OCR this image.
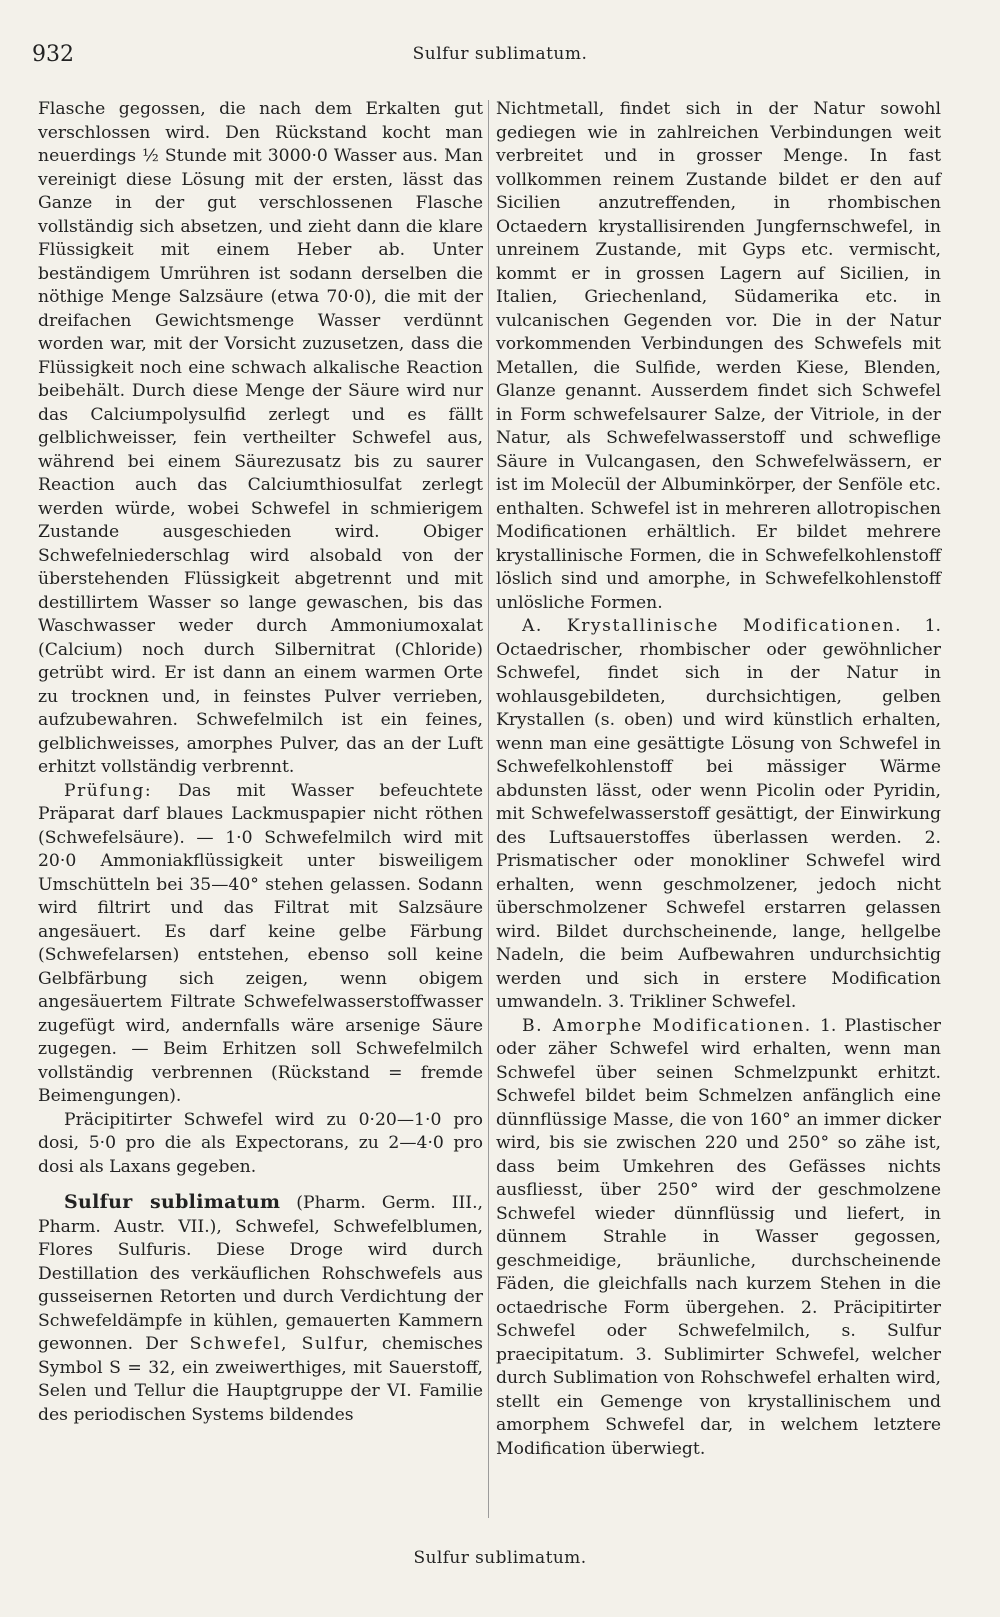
932	Sulfur sublimatum.

Flasche gegossen, die nach dem Erkalten gut verschlossen wird. Den Rückstand kocht man neuerdings ½ Stunde mit 3000·0 Wasser aus. Man vereinigt diese Lösung mit der ersten, lässt das Ganze in der gut verschlossenen Flasche vollständig sich absetzen, und zieht dann die klare Flüssigkeit mit einem Heber ab. Unter beständigem Umrühren ist sodann derselben die nöthige Menge Salzsäure (etwa 70·0), die mit der dreifachen Gewichtsmenge Wasser verdünnt worden war, mit der Vorsicht zuzusetzen, dass die Flüssigkeit noch eine schwach alkalische Reaction beibehält. Durch diese Menge der Säure wird nur das Calciumpolysulfid zerlegt und es fällt gelblichweisser, fein vertheilter Schwefel aus, während bei einem Säurezusatz bis zu saurer Reaction auch das Calciumthiosulfat zerlegt werden würde, wobei Schwefel in schmierigem Zustande ausgeschieden wird. Obiger Schwefelniederschlag wird alsobald von der überstehenden Flüssigkeit abgetrennt und mit destillirtem Wasser so lange gewaschen, bis das Waschwasser weder durch Ammoniumoxalat (Calcium) noch durch Silbernitrat (Chloride) getrübt wird. Er ist dann an einem warmen Orte zu trocknen und, in feinstes Pulver verrieben, aufzubewahren. Schwefelmilch ist ein feines, gelblichweisses, amorphes Pulver, das an der Luft erhitzt vollständig verbrennt.

Prüfung: Das mit Wasser befeuchtete Präparat darf blaues Lackmuspapier nicht röthen (Schwefelsäure). — 1·0 Schwefelmilch wird mit 20·0 Ammoniakflüssigkeit unter bisweiligem Umschütteln bei 35—40° stehen gelassen. Sodann wird filtrirt und das Filtrat mit Salzsäure angesäuert. Es darf keine gelbe Färbung (Schwefelarsen) entstehen, ebenso soll keine Gelbfärbung sich zeigen, wenn obigem angesäuertem Filtrate Schwefelwasserstoffwasser zugefügt wird, andernfalls wäre arsenige Säure zugegen. — Beim Erhitzen soll Schwefelmilch vollständig verbrennen (Rückstand = fremde Beimengungen).

Präcipitirter Schwefel wird zu 0·20—1·0 pro dosi, 5·0 pro die als Expectorans, zu 2—4·0 pro dosi als Laxans gegeben.

Sulfur sublimatum (Pharm. Germ. III., Pharm. Austr. VII.), Schwefel, Schwefelblumen, Flores Sulfuris. Diese Droge wird durch Destillation des verkäuflichen Rohschwefels aus gusseisernen Retorten und durch Verdichtung der Schwefeldämpfe in kühlen, gemauerten Kammern gewonnen. Der Schwefel, Sulfur, chemisches Symbol S = 32, ein zweiwerthiges, mit Sauerstoff, Selen und Tellur die Hauptgruppe der VI. Familie des periodischen Systems bildendes

Nichtmetall, findet sich in der Natur sowohl gediegen wie in zahlreichen Verbindungen weit verbreitet und in grosser Menge. In fast vollkommen reinem Zustande bildet er den auf Sicilien anzutreffenden, in rhombischen Octaedern krystallisirenden Jungfernschwefel, in unreinem Zustande, mit Gyps etc. vermischt, kommt er in grossen Lagern auf Sicilien, in Italien, Griechenland, Südamerika etc. in vulcanischen Gegenden vor. Die in der Natur vorkommenden Verbindungen des Schwefels mit Metallen, die Sulfide, werden Kiese, Blenden, Glanze genannt. Ausserdem findet sich Schwefel in Form schwefelsaurer Salze, der Vitriole, in der Natur, als Schwefelwasserstoff und schweflige Säure in Vulcangasen, den Schwefelwässern, er ist im Molecül der Albuminkörper, der Senföle etc. enthalten. Schwefel ist in mehreren allotropischen Modificationen erhältlich. Er bildet mehrere krystallinische Formen, die in Schwefelkohlenstoff löslich sind und amorphe, in Schwefelkohlenstoff unlösliche Formen.

A. Krystallinische Modificationen. 1. Octaedrischer, rhombischer oder gewöhnlicher Schwefel, findet sich in der Natur in wohlausgebildeten, durchsichtigen, gelben Krystallen (s. oben) und wird künstlich erhalten, wenn man eine gesättigte Lösung von Schwefel in Schwefelkohlenstoff bei mässiger Wärme abdunsten lässt, oder wenn Picolin oder Pyridin, mit Schwefelwasserstoff gesättigt, der Einwirkung des Luftsauerstoffes überlassen werden. 2. Prismatischer oder monokliner Schwefel wird erhalten, wenn geschmolzener, jedoch nicht überschmolzener Schwefel erstarren gelassen wird. Bildet durchscheinende, lange, hellgelbe Nadeln, die beim Aufbewahren undurchsichtig werden und sich in erstere Modification umwandeln. 3. Trikliner Schwefel.

B. Amorphe Modificationen. 1. Plastischer oder zäher Schwefel wird erhalten, wenn man Schwefel über seinen Schmelzpunkt erhitzt. Schwefel bildet beim Schmelzen anfänglich eine dünnflüssige Masse, die von 160° an immer dicker wird, bis sie zwischen 220 und 250° so zähe ist, dass beim Umkehren des Gefässes nichts ausfliesst, über 250° wird der geschmolzene Schwefel wieder dünnflüssig und liefert, in dünnem Strahle in Wasser gegossen, geschmeidige, bräunliche, durchscheinende Fäden, die gleichfalls nach kurzem Stehen in die octaedrische Form übergehen. 2. Präcipitirter Schwefel oder Schwefelmilch, s. Sulfur praecipitatum. 3. Sublimirter Schwefel, welcher durch Sublimation von Rohschwefel erhalten wird, stellt ein Gemenge von krystallinischem und amorphem Schwefel dar, in welchem letztere Modification überwiegt.

Sulfur sublimatum.
